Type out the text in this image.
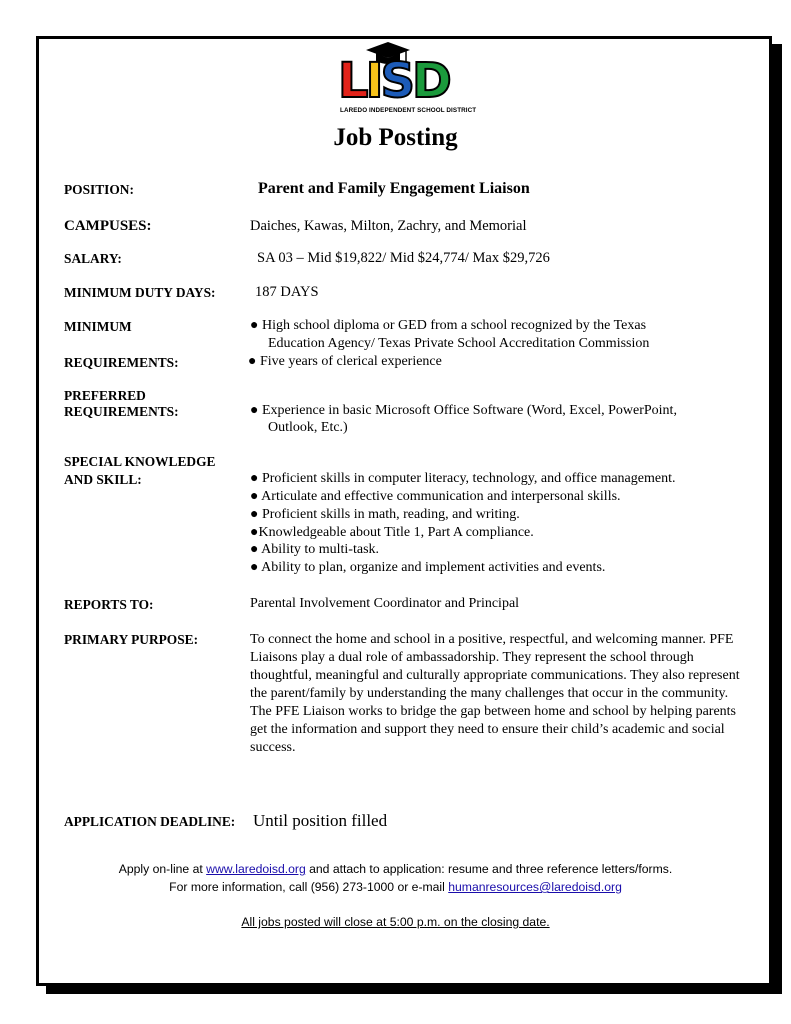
LISD
LAREDO INDEPENDENT SCHOOL DISTRICT
Job Posting
POSITION:	Parent and Family Engagement Liaison
CAMPUSES:	Daiches, Kawas, Milton, Zachry, and Memorial
SALARY:	SA 03 – Mid $19,822/ Mid $24,774/ Max $29,726
MINIMUM DUTY DAYS:	187 DAYS
MINIMUM
REQUIREMENTS:
● High school diploma or GED from a school recognized by the Texas
Education Agency/ Texas Private School Accreditation Commission
● Five years of clerical experience
PREFERRED
REQUIREMENTS:	● Experience in basic Microsoft Office Software (Word, Excel, PowerPoint,
Outlook, Etc.)
SPECIAL KNOWLEDGE
AND SKILL:	● Proficient skills in computer literacy, technology, and office management.
● Articulate and effective communication and interpersonal skills.
● Proficient skills in math, reading, and writing.
●Knowledgeable about Title 1, Part A compliance.
● Ability to multi-task.
● Ability to plan, organize and implement activities and events.
REPORTS TO:	Parental Involvement Coordinator and Principal
PRIMARY PURPOSE:	To connect the home and school in a positive, respectful, and welcoming manner. PFE Liaisons play a dual role of ambassadorship. They represent the school through thoughtful, meaningful and culturally appropriate communications. They also represent the parent/family by understanding the many challenges that occur in the community. The PFE Liaison works to bridge the gap between home and school by helping parents get the information and support they need to ensure their child’s academic and social success.
APPLICATION DEADLINE: Until position filled
Apply on-line at www.laredoisd.org and attach to application: resume and three reference letters/forms.
For more information, call (956) 273-1000 or e-mail humanresources@laredoisd.org
All jobs posted will close at 5:00 p.m. on the closing date.
